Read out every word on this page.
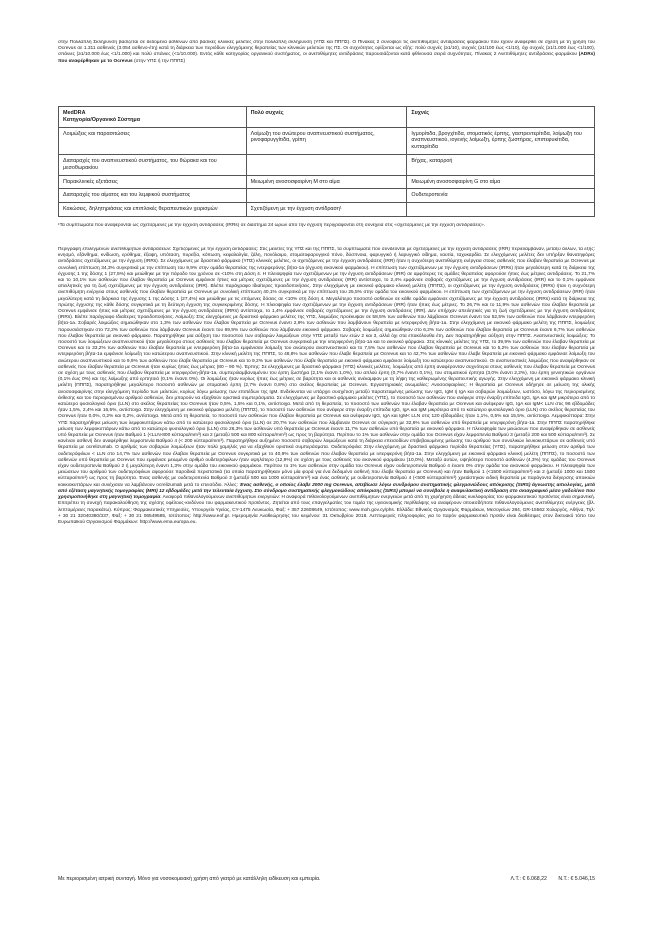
στην Πολλαπλή Σκλήρυνση βασίζεται σε δεδομένα ασθενών από βασικές κλινικές μελέτες στην πολλαπλή σκλήρυνση (ΥΠΣ και ΠΠΠΣ). Ο Πίνακας 2 συνοψίζει τις ανεπιθύμητες αντιδράσεις φαρμάκου που έχουν αναφερθεί σε σχέση με τη χρήση του Ocrevus σε 1.311 ασθενείς (3.054 ασθενο-έτη) κατά τη διάρκεια των περιόδων ελεγχόμενης θεραπείας των κλινικών μελετών της ΠΣ. Οι συχνότητες ορίζονται ως εξής: πολύ συχνές (≥1/10), συχνές (≥1/100 έως <1/10), όχι συχνές (≥1/1.000 έως <1/100), σπάνιες (≥1/10.000 έως <1/1.000) και πολύ σπάνιες (<1/10.000). Εντός κάθε κατηγορίας οργανικού συστήματος, οι ανεπιθύμητες αντιδράσεις παρουσιάζονται κατά φθίνουσα σειρά συχνότητας. Πίνακας 2 Ανεπιθύμητες αντιδράσεις φαρμάκου (ADRs) που αναφέρθηκαν με το Ocrevus (στην ΥΠΣ ή την ΠΠΠΣ)

MedDRA
Κατηγορία/Οργανικό Σύστημα	Πολύ συχνές	Συχνές
Λοιμώξεις και παρασιτώσεις	Λοίμωξη του ανώτερου αναπνευστικού συστήματος, ρινοφαρυγγίτιδα, γρίπη	Ιγμορίτιδα, βρογχίτιδα, στοματικός έρπης, γαστρεντερίτιδα, λοίμωξη του αναπνευστικού, ιογενής λοίμωξη, έρπης ζωστήρας, επιπεφυκίτιδα, κυτταρίτιδα
Διαταραχές του αναπνευστικού συστήματος, του θώρακα και του μεσοθωρακίου		Βήχας, καταρροή
Παρακλινικές εξετάσεις	Μειωμένη ανοσοσφαιρίνη Μ στο αίμα	Μειωμένη ανοσοσφαιρίνη G στο αίμα
Διαταραχές του αίματος και του λεμφικού συστήματος		Ουδετεροπενία
Κακώσεις, δηλητηριάσεις και επιπλοκές θεραπευτικών χειρισμών	Σχετιζόμενη με την έγχυση αντίδραση¹	

¹Τα συμπτώματα που αναφέρονται ως σχετιζόμενες με την έγχυση αντιδράσεις (IRRs) σε διάστημα 24 ωρών από την έγχυση περιγράφονται στη συνέχεια στις «σχετιζόμενες με την έγχυση αντιδράσεις».

Περιγραφή επιλεγμένων ανεπιθύμητων αντιδράσεων: Σχετιζόμενες με την έγχυση αντιδράσεις: Στις μελέτες της ΥΠΣ και της ΠΠΠΣ, τα συμπτώματα που συνδέονται με σχετιζόμενες με την έγχυση αντιδράσεις (IRR) περιελάμβαναν, μεταξύ άλλων, τα εξής: κνησμό, εξάνθημα, κνίδωση, ερύθημα, έξαψη, υπόταση, πυρεξία, κόπωση, κεφαλαλγία, ζάλη, πονόλαιμο, στοματοφαρυγγικό πόνο, δύσπνοια, φαρυγγικό ή λαρυγγικό οίδημα, ναυτία, ταχυκαρδία. Σε ελεγχόμενες μελέτες δεν υπήρξαν θανατηφόρες αντιδράσεις σχετιζόμενες με την έγχυση (IRRs). Σε ελεγχόμενες με δραστικό φάρμακο (ΥΠΣ) κλινικές μελέτες, οι σχετιζόμενες με την έγχυση αντιδράσεις (IRR) ήταν η συχνότερη ανεπιθύμητη ενέργεια στους ασθενείς που έλαβαν θεραπεία με Ocrevus με συνολική επίπτωση 34,3% συγκριτικά με την επίπτωση του 9,9% στην ομάδα θεραπείας της ιντερφερόνης βήτα-1a (έγχυση εικονικού φαρμάκου). Η επίπτωση των σχετιζόμενων με την έγχυση αντιδράσεων (IRRs) ήταν μεγαλύτερη κατά τη διάρκεια της έγχυσης 1 της δόσης 1 (27,5%) και μειώθηκε με την πάροδο του χρόνου σε <10% στη Δόση 4. Η πλειοψηφία των σχετιζόμενων με την έγχυση αντιδράσεων (IRR) σε αμφότερες τις ομάδες θεραπείας αφορούσε ήπιες έως μέτριες αντιδράσεις. Το 21,7% και το 10,1% των ασθενών που έλαβαν θεραπεία με Ocrevus εμφάνισε ήπιες και μέτριες σχετιζόμενες με την έγχυση αντιδράσεις (IRR) αντίστοιχα, το 2,4% εμφάνισε σοβαρές σχετιζόμενες με την έγχυση αντιδράσεις (IRR) και το 0,1% εμφάνισε απειλητικές για τη ζωή σχετιζόμενες με την έγχυση αντιδράσεις (IRR). Βλέπε παράγραφο Ιδιαίτερες προειδοποιήσεις. Στην ελεγχόμενη με εικονικό φάρμακο κλινική μελέτη (ΠΠΠΣ), οι σχετιζόμενες με την έγχυση αντιδράσεις (IRRs) ήταν η συχνότερη ανεπιθύμητη ενέργεια στους ασθενείς που έλαβαν θεραπεία με Ocrevus με συνολική επίπτωση 40,1% συγκριτικά με την επίπτωση του 25,5% στην ομάδα του εικονικού φαρμάκου. Η επίπτωση των σχετιζόμενων με την έγχυση αντιδράσεων (IRR) ήταν μεγαλύτερη κατά τη διάρκεια της έγχυσης 1 της Δόσης 1 (27,4%) και μειώθηκε με τις επόμενες δόσεις σε <10% στη δόση 4. Μεγαλύτερο ποσοστό ασθενών σε κάθε ομάδα εμφάνισε σχετιζόμενες με την έγχυση αντιδράσεις (IRRs) κατά τη διάρκεια της πρώτης έγχυσης της κάθε δόσης συγκριτικά με τη δεύτερη έγχυση της συγκεκριμένης δόσης. Η πλειοψηφία των σχετιζόμενων με την έγχυση αντιδράσεων (IRR) ήταν ήπιες έως μέτριες. Το 26,7% και το 11,9% των ασθενών που έλαβαν θεραπεία με Ocrevus εμφάνισε ήπιες και μέτριες σχετιζόμενες με την έγχυση αντιδράσεις (IRRs) αντίστοιχα, το 1,4% εμφάνισε σοβαρές σχετιζόμενες με την έγχυση αντιδράσεις (IRR). Δεν υπήρχαν απειλητικές για τη ζωή σχετιζόμενες με την έγχυση αντιδράσεις (IRRs). Βλέπε παράγραφο Ιδιαίτερες προειδοποιήσεις. Λοίμωξη: Στις ελεγχόμενες με δραστικό φάρμακο μελέτες της ΥΠΣ, λοιμώξεις προέκυψαν σε 58,5% των ασθενών που λάμβαναν Ocrevus έναντι του 52,5% των ασθενών που λάμβαναν ιντερφερόνη βήτα-1a. Σοβαρές λοιμώξεις σημειώθηκαν στο 1,3% των ασθενών που έλαβαν θεραπεία με Ocrevus έναντι 2,9% των ασθενών που λαμβάνουν θεραπεία με ιντερφερόνη βήτα-1a. Στην ελεγχόμενη με εικονικό φάρμακο μελέτη της ΠΠΠΣ, λοιμώξεις παρουσιάστηκαν στο 72,2% των ασθενών που λάμβαναν Ocrevus έναντι του 69,9% των ασθενών που λάμβαναν εικονικό φάρμακο. Σοβαρές λοιμώξεις σημειώθηκαν στο 6,2% των ασθενών που έλαβαν θεραπεία με Ocrevus έναντι 6,7% των ασθενών που έλαβαν θεραπεία με εικονικό φάρμακο. Παρατηρήθηκε μια αύξηση του ποσοστού των σοβαρών λοιμώξεων στην ΥΠΣ μεταξύ των ετών 2 και 3, αλλά όχι στα επακόλουθα έτη. Δεν παρατηρήθηκε αύξηση στην ΠΠΠΣ. Αναπνευστικές λοιμώξεις: Το ποσοστό των λοιμώξεων αναπνευστικού ήταν μεγαλύτερο στους ασθενείς που έλαβαν θεραπεία με Ocrevus συγκριτικά με την ιντερφερόνη βήτα-1a και το εικονικό φάρμακο. Στις κλινικές μελέτες της ΥΠΣ, το 39,9% των ασθενών που έλαβαν θεραπεία με Ocrevus και το 33,2% των ασθενών που έλαβαν θεραπεία με ιντερφερόνη βήτα-1a εμφάνισαν λοίμωξη του ανώτερου αναπνευστικού και το 7,5% των ασθενών που έλαβαν θεραπεία με Ocrevus και το 5,2% των ασθενών που έλαβαν θεραπεία με ιντερφερόνη βήτα-1a εμφάνισε λοίμωξη του κατώτερου αναπνευστικού. Στην κλινική μελέτη της ΠΠΠΣ, το 48,8% των ασθενών που έλαβε θεραπεία με Ocrevus και το 42,7% των ασθενών που έλαβε θεραπεία με εικονικό φάρμακο εμφάνισε λοίμωξη του ανώτερου αναπνευστικού και το 9,9% των ασθενών που έλαβε θεραπεία με Ocrevus και το 9,2% των ασθενών που έλαβε θεραπεία με εικονικό φάρμακο εμφάνισε λοίμωξη του κατώτερου αναπνευστικού. Οι αναπνευστικές λοιμώξεις που αναφέρθηκαν σε ασθενείς που έλαβαν θεραπεία με Ocrevus ήταν κυρίως ήπιες έως μέτριες (80 – 90 %). Έρπης: Σε ελεγχόμενες με δραστικό φάρμακο (ΥΠΣ) κλινικές μελέτες, λοιμώξεις από έρπη αναφέρονταν συχνότερα στους ασθενείς που έλαβαν θεραπεία με Ocrevus σε σχέση με τους ασθενείς που έλαβαν θεραπεία με ιντερφερόνη-βήτα-1a, συμπεριλαμβανομένου του έρπη ζωστήρα (2,1% έναντι 1,0%), του απλού έρπη (0,7% έναντι 0,1%), του στοματικού έρπητα (3,0% έναντι 2,2%), του έρπη γεννητικών οργάνων (0,1% έως 0%) και της λοίμωξης από ερπητοιό (0,1% έναντι 0%). Οι λοιμώξεις ήταν κυρίως ήπιες έως μέτριες σε βαρύτητα και οι ασθενείς ανέκαμψαν με τη λήψη της καθιερωμένης θεραπευτικής αγωγής. Στην ελεγχόμενη με εικονικό φάρμακο κλινική μελέτη (ΠΠΠΣ), παρατηρήθηκε μεγαλύτερο ποσοστό ασθενών με στοματικό έρπη (2,7% έναντι 0,8%) στο σκέλος θεραπείας με Ocrevus. Εργαστηριακές ανωμαλίες: Ανοσοσφαιρίνες: Η θεραπεία με Ocrevus οδήγησε σε μείωση της ολικής ανοσοσφαιρίνης στην ελεγχόμενη περίοδο των μελετών, κυρίως λόγω μείωσης των επιπέδων της IgM. Ενδείκνυται να υπάρχει συσχέτιση μεταξύ παρατεταμένης μείωσης των IgG, IgM ή IgA και σοβαρών λοιμώξεων, ωστόσο, λόγω της περιορισμένης έκθεσης και του περιορισμένου αριθμού ασθενών, δεν μπορούν να εξαχθούν οριστικά συμπεράσματα. Σε ελεγχόμενες με δραστικό φάρμακο μελέτες (ΥΠΣ), το ποσοστό των ασθενών που ανέφερε στην έναρξη επίπεδα IgG, IgA και IgM μικρότερα από το κατώτερο φυσιολογικό όριο (LLN) στο σκέλος θεραπείας του Ocrevus ήταν 0,5%, 1,5% και 0,1%, αντίστοιχα. Μετά από τη θεραπεία, το ποσοστό των ασθενών που έλαβαν θεραπεία με Ocrevus και ανέφεραν IgG, IgA και IgM< LLN στις 96 εβδομάδες ήταν 1,5%, 2,4% και 16,5%, αντίστοιχα. Στην ελεγχόμενη με εικονικό φάρμακο μελέτη (ΠΠΠΣ), το ποσοστό των ασθενών που ανέφερε στην έναρξη επίπεδα IgG, IgA και IgM μικρότερα από το κατώτερο φυσιολογικό όριο (LLN) στο σκέλος θεραπείας του Ocrevus ήταν 0,0%, 0,2% και 0,2%, αντίστοιχα. Μετά από τη θεραπεία, το ποσοστό των ασθενών που έλαβαν θεραπεία με Ocrevus και ανέφεραν IgG, IgA και IgM< LLN στις 120 εβδομάδες ήταν 1,1%, 0,5% και 15,5%, αντίστοιχα. Λεμφοκύτταρα: Στην ΥΠΣ παρατηρήθηκε μείωση των λεμφοκυττάρων κάτω από το κατώτερο φυσιολογικό όριο (LLN) σε 20,7% των ασθενών που λάμβαναν Ocrevus σε σύγκριση με 32,6% των ασθενών υπό θεραπεία με ιντερφερόνη βήτα-1a. Στην ΠΠΠΣ παρατηρήθηκε μείωση των λεμφοκυττάρων κάτω από το κατώτερο φυσιολογικό όριο (LLN) στο 26,3% των ασθενών υπό θεραπεία με Ocrevus έναντι 11,7% των ασθενών υπό θεραπεία με εικονικό φάρμακο. Η πλειοψηφία των μειώσεων που αναφέρθηκαν σε ασθενείς υπό θεραπεία με Ocrevus ήταν Βαθμού 1 (<LLN-800 κύτταρα/mm³) και 2 (μεταξύ 500 και 800 κύτταρα/mm³) ως προς τη βαρύτητα. Περίπου το 1% των ασθενών στην ομάδα του Ocrevus είχαν λεμφοπενία Βαθμού 3 (μεταξύ 200 και 500 κύτταρα/mm³). Σε κανέναν ασθενή δεν αναφέρθηκε λεμφοπενία Βαθμού 4 (< 200 κύτταρα/mm³). Παρατηρήθηκε αυξημένο ποσοστό σοβαρών λοιμώξεων κατά τη διάρκεια επεισοδίων επιβεβαιωμένης μείωσης του αριθμού των συνολικών λευκοκυττάρων σε ασθενείς υπό θεραπεία με ocrelizumab. Ο αριθμός των σοβαρών λοιμώξεων ήταν πολύ χαμηλός για να εξαχθούν οριστικά συμπεράσματα. Ουδετερόφιλα: Στην ελεγχόμενη με δραστικό φάρμακο περίοδο θεραπείας (ΥΠΣ), παρατηρήθηκε μείωση στον αριθμό των ουδετερόφιλων < LLN στο 14,7% των ασθενών που έλαβαν θεραπεία με Ocrevus συγκριτικά με το 40,9% των ασθενών που έλαβαν θεραπεία με ιντερφερόνη βήτα-1a. Στην ελεγχόμενη με εικονικό φάρμακο κλινική μελέτη (ΠΠΠΣ), το ποσοστό των ασθενών υπό θεραπεία με Ocrevus που εμφάνισε μειωμένο αριθμό ουδετερόφιλων ήταν υψηλότερο (12,9%) σε σχέση με τους ασθενείς του εικονικού φαρμάκου (10,0%). Μεταξύ αυτών, υψηλότερο ποσοστό ασθενών (4,3%) της ομάδας του Ocrevus είχαν ουδετεροπενία Βαθμού 2 ή μεγαλύτερη έναντι 1,3% στην ομάδα του εικονικού φαρμάκου. Περίπου το 1% των ασθενών στην ομάδα του Ocrevus είχαν ουδετεροπενία Βαθμού 4 έναντι 0% στην ομάδα του εικονικού φαρμάκου. Η πλειοψηφία των μειώσεων του αριθμού των ουδετερόφιλων αφορούσε παροδικά περιστατικά (τα οποία παρατηρήθηκαν μόνο μία φορά για ένα δεδομένο ασθενή που έλαβε θεραπεία με Ocrevus) και ήταν Βαθμού 1 (<1500 κύτταρα/mm³) και 2 (μεταξύ 1000 και 1500 κύτταρα/mm³) ως προς τη βαρύτητα. Ένας ασθενής με ουδετεροπενία Βαθμού 3 (μεταξύ 500 και 1000 κύτταρα/mm³) και ένας ασθενής με ουδετεροπενία Βαθμού 4 (<500 κύτταρα/mm³) χρειάστηκαν ειδική θεραπεία με παράγοντα διέγερσης αποικιών κοκκιοκυττάρων και συνέχισαν να λαμβάνουν ocrelizumab μετά το επεισόδιο. Άλλες: Ένας ασθενής, ο οποίος έλαβε 2000 mg Ocrevus, απεβίωσε λόγω συνδρόμου συστηματικής φλεγμονώδους απόκρισης (SIRS) άγνωστης αιτιολογίας, μετά από εξέταση μαγνητικής τομογραφίας (MRI) 12 εβδομάδες μετά την τελευταία έγχυση. Στο σύνδρομο συστηματικής φλεγμονώδους απόκρισης (SIRS) μπορεί να συνέβαλε η αναφυλακτική αντίδραση στο σκιαγραφικό μέσο γαδολίνιο που χρησιμοποιήθηκε στη μαγνητική τομογραφία. Αναφορά πιθανολογούμενων ανεπιθύμητων ενεργειών: Η αναφορά πιθανολογούμενων ανεπιθύμητων ενεργειών μετά από τη χορήγηση άδειας κυκλοφορίας του φαρμακευτικού προϊόντος είναι σημαντική. Επιτρέπει τη συνεχή παρακολούθηση της σχέσης οφέλους-κινδύνου του φαρμακευτικού προϊόντος. Ζητείται από τους επαγγελματίες του τομέα της υγειονομικής περίθαλψης να αναφέρουν οποιεσδήποτε πιθανολογούμενες ανεπιθύμητες ενέργειες (βλ. λεπτομέρειες παρακάτω). Κύπρος: Φαρμακευτικές Υπηρεσίες, Υπουργείο Υγείας, CY-1475 Λευκωσία, Φαξ: + 357 22608649, Ιστότοπος: www.moh.gov.cy/phs. Ελλάδα: Εθνικός Οργανισμός Φαρμάκων, Μεσογείων 284, GR-15562 Χολαργός, Αθήνα, Τηλ: + 30 21 32040380/337, Φαξ: + 30 21 06549585, Ιστότοπος: http://www.eof.gr. Ημερομηνία Αναθεώρησης του κειμένου: 31 Οκτωβρίου 2018. Λεπτομερείς πληροφορίες για το παρόν φαρμακευτικό προϊόν είναι διαθέσιμες στον δικτυακό τόπο του Ευρωπαϊκού Οργανισμού Φαρμάκων: http://www.ema.europa.eu.

Με περιορισμένη ιατρική συνταγή. Μόνο για νοσοκομειακή χρήση από γιατρό με κατάλληλη ειδίκευση και εμπειρία.	Λ.Τ.: € 6.068,22 Ν.Τ.: € 5.046,15
